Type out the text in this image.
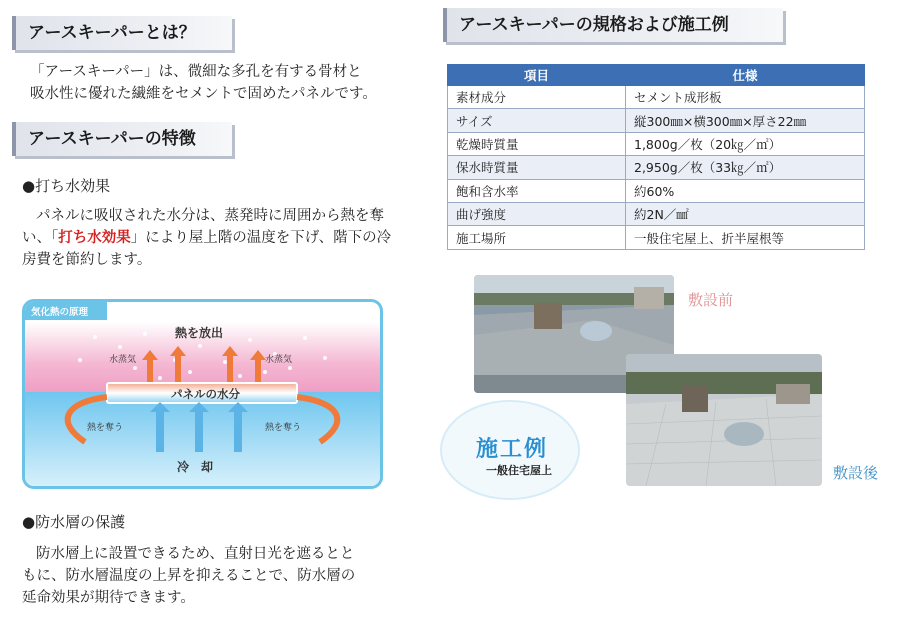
アースキーパーとは？
「アースキーパー」は、微細な多孔を有する骨材と
吸水性に優れた繊維をセメントで固めたパネルです。
アースキーパーの特徴
●打ち水効果
パネルに吸収された水分は、蒸発時に周囲から熱を奪
い、「打ち水効果」により屋上階の温度を下げ、階下の冷
房費を節約します。
気化熱の原理
熱を放出
水蒸気	水蒸気
パネルの水分
熱を奪う	熱を奪う
冷　却
●防水層の保護
防水層上に設置できるため、直射日光を遮るとと
もに、防水層温度の上昇を抑えることで、防水層の
延命効果が期待できます。
アースキーパーの規格および施工例
項目	仕様
素材成分	セメント成形板
サイズ	縦300㎜×横300㎜×厚さ22㎜
乾燥時質量	1,800g／枚（20㎏／㎡）
保水時質量	2,950g／枚（33㎏／㎡）
飽和含水率	約60%
曲げ強度	約2N／㎟
施工場所	一般住宅屋上、折半屋根等
施工例
一般住宅屋上
敷設前
敷設後
